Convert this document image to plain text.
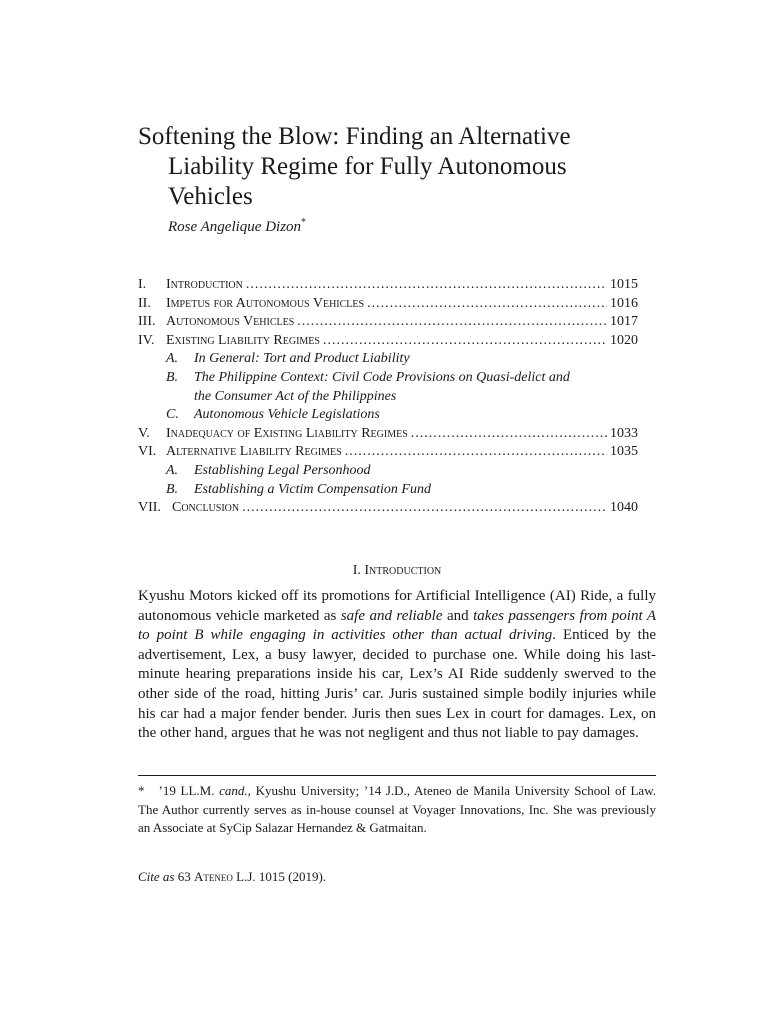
Softening the Blow: Finding an Alternative
Liability Regime for Fully Autonomous
Vehicles
Rose Angelique Dizon*
I.	Introduction .....	1015
II.	Impetus for Autonomous Vehicles .....	1016
III. Autonomous Vehicles .....	1017
IV. Existing Liability Regimes .....	1020
A.	In General: Tort and Product Liability
B.	The Philippine Context: Civil Code Provisions on Quasi-delict and
the Consumer Act of the Philippines
C.	Autonomous Vehicle Legislations
V.	Inadequacy of Existing Liability Regimes .....	1033
VI. Alternative Liability Regimes .....	1035
A.	Establishing Legal Personhood
B.	Establishing a Victim Compensation Fund
VII. Conclusion .....	1040
I. Introduction

Kyushu Motors kicked off its promotions for Artificial Intelligence (AI) Ride, a fully autonomous vehicle marketed as safe and reliable and takes passengers from point A to point B while engaging in activities other than actual driving. Enticed by the advertisement, Lex, a busy lawyer, decided to purchase one. While doing his last-minute hearing preparations inside his car, Lex’s AI Ride suddenly swerved to the other side of the road, hitting Juris’ car. Juris sustained simple bodily injuries while his car had a major fender bender. Juris then sues Lex in court for damages. Lex, on the other hand, argues that he was not negligent and thus not liable to pay damages.

* ’19 LL.M. cand., Kyushu University; ’14 J.D., Ateneo de Manila University School of Law. The Author currently serves as in-house counsel at Voyager Innovations, Inc. She was previously an Associate at SyCip Salazar Hernandez & Gatmaitan.

Cite as 63 Ateneo L.J. 1015 (2019).
